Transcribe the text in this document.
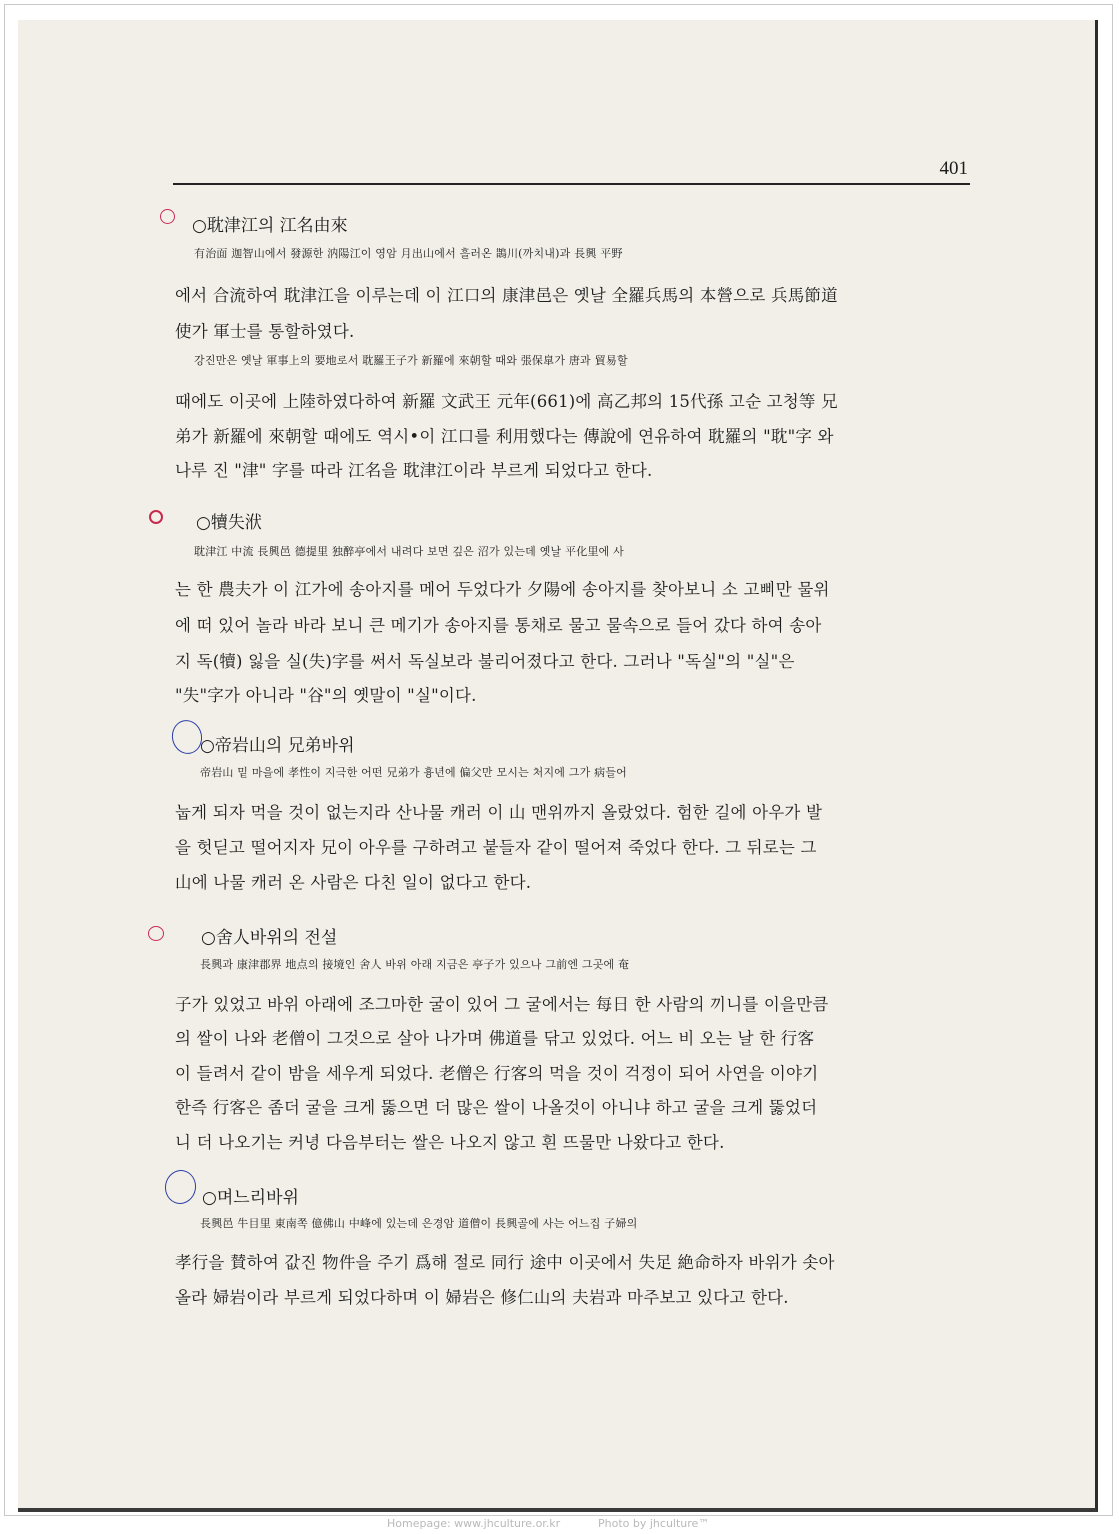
401
○耽津江의 江名由來
有治面 迦智山에서 發源한 汭陽江이 영암 月出山에서 흘러온 鵲川(까치내)과 長興 平野
에서 合流하여 耽津江을 이루는데 이 江口의 康津邑은 옛날 全羅兵馬의 本營으로 兵馬節道
使가 軍士를 통할하였다.
강진만은 옛날 軍事上의 要地로서 耽羅王子가 新羅에 來朝할 때와 張保皐가 唐과 貿易할
때에도 이곳에 上陸하였다하여 新羅 文武王 元年(661)에 高乙邦의 15代孫 고순 고청等 兄
弟가 新羅에 來朝할 때에도 역시•이 江口를 利用했다는 傳說에 연유하여 耽羅의 "耽"字 와
나루 진 "津" 字를 따라 江名을 耽津江이라 부르게 되었다고 한다.
○犢失洑
耽津江 中流 長興邑 德提里 独醉亭에서 내려다 보면 깊은 沼가 있는데 옛날 平化里에 사
는 한 農夫가 이 江가에 송아지를 메어 두었다가 夕陽에 송아지를 찾아보니 소 고삐만 물위
에 떠 있어 놀라 바라 보니 큰 메기가 송아지를 통채로 물고 물속으로 들어 갔다 하여 송아
지 독(犢) 잃을 실(失)字를 써서 독실보라 불리어졌다고 한다. 그러나 "독실"의 "실"은
"失"字가 아니라 "谷"의 옛말이 "실"이다.
○帝岩山의 兄弟바위
帝岩山 밑 마을에 孝性이 지극한 어떤 兄弟가 흉년에 偏父만 모시는 처지에 그가 病들어
눕게 되자 먹을 것이 없는지라 산나물 캐러 이 山 맨위까지 올랐었다. 험한 길에 아우가 발
을 헛딛고 떨어지자 兄이 아우를 구하려고 붙들자 같이 떨어져 죽었다 한다. 그 뒤로는 그
山에 나물 캐러 온 사람은 다친 일이 없다고 한다.
○舍人바위의 전설
長興과 康津郡界 地点의 接境인 舍人 바위 아래 지금은 亭子가 있으나 그前엔 그곳에 奄
子가 있었고 바위 아래에 조그마한 굴이 있어 그 굴에서는 每日 한 사람의 끼니를 이을만큼
의 쌀이 나와 老僧이 그것으로 살아 나가며 佛道를 닦고 있었다. 어느 비 오는 날 한 行客
이 들려서 같이 밤을 세우게 되었다. 老僧은 行客의 먹을 것이 걱정이 되어 사연을 이야기
한즉 行客은 좀더 굴을 크게 뚫으면 더 많은 쌀이 나올것이 아니냐 하고 굴을 크게 뚫었더
니 더 나오기는 커녕 다음부터는 쌀은 나오지 않고 흰 뜨물만 나왔다고 한다.
○며느리바위
長興邑 牛目里 東南쪽 億佛山 中峰에 있는데 은경암 道僧이 長興골에 사는 어느집 子婦의
孝行을 賛하여 값진 物件을 주기 爲해 절로 同行 途中 이곳에서 失足 絶命하자 바위가 솟아
올라 婦岩이라 부르게 되었다하며 이 婦岩은 修仁山의 夫岩과 마주보고 있다고 한다.
Homepage: www.jhculture.or.kr	Photo by jhculture™
